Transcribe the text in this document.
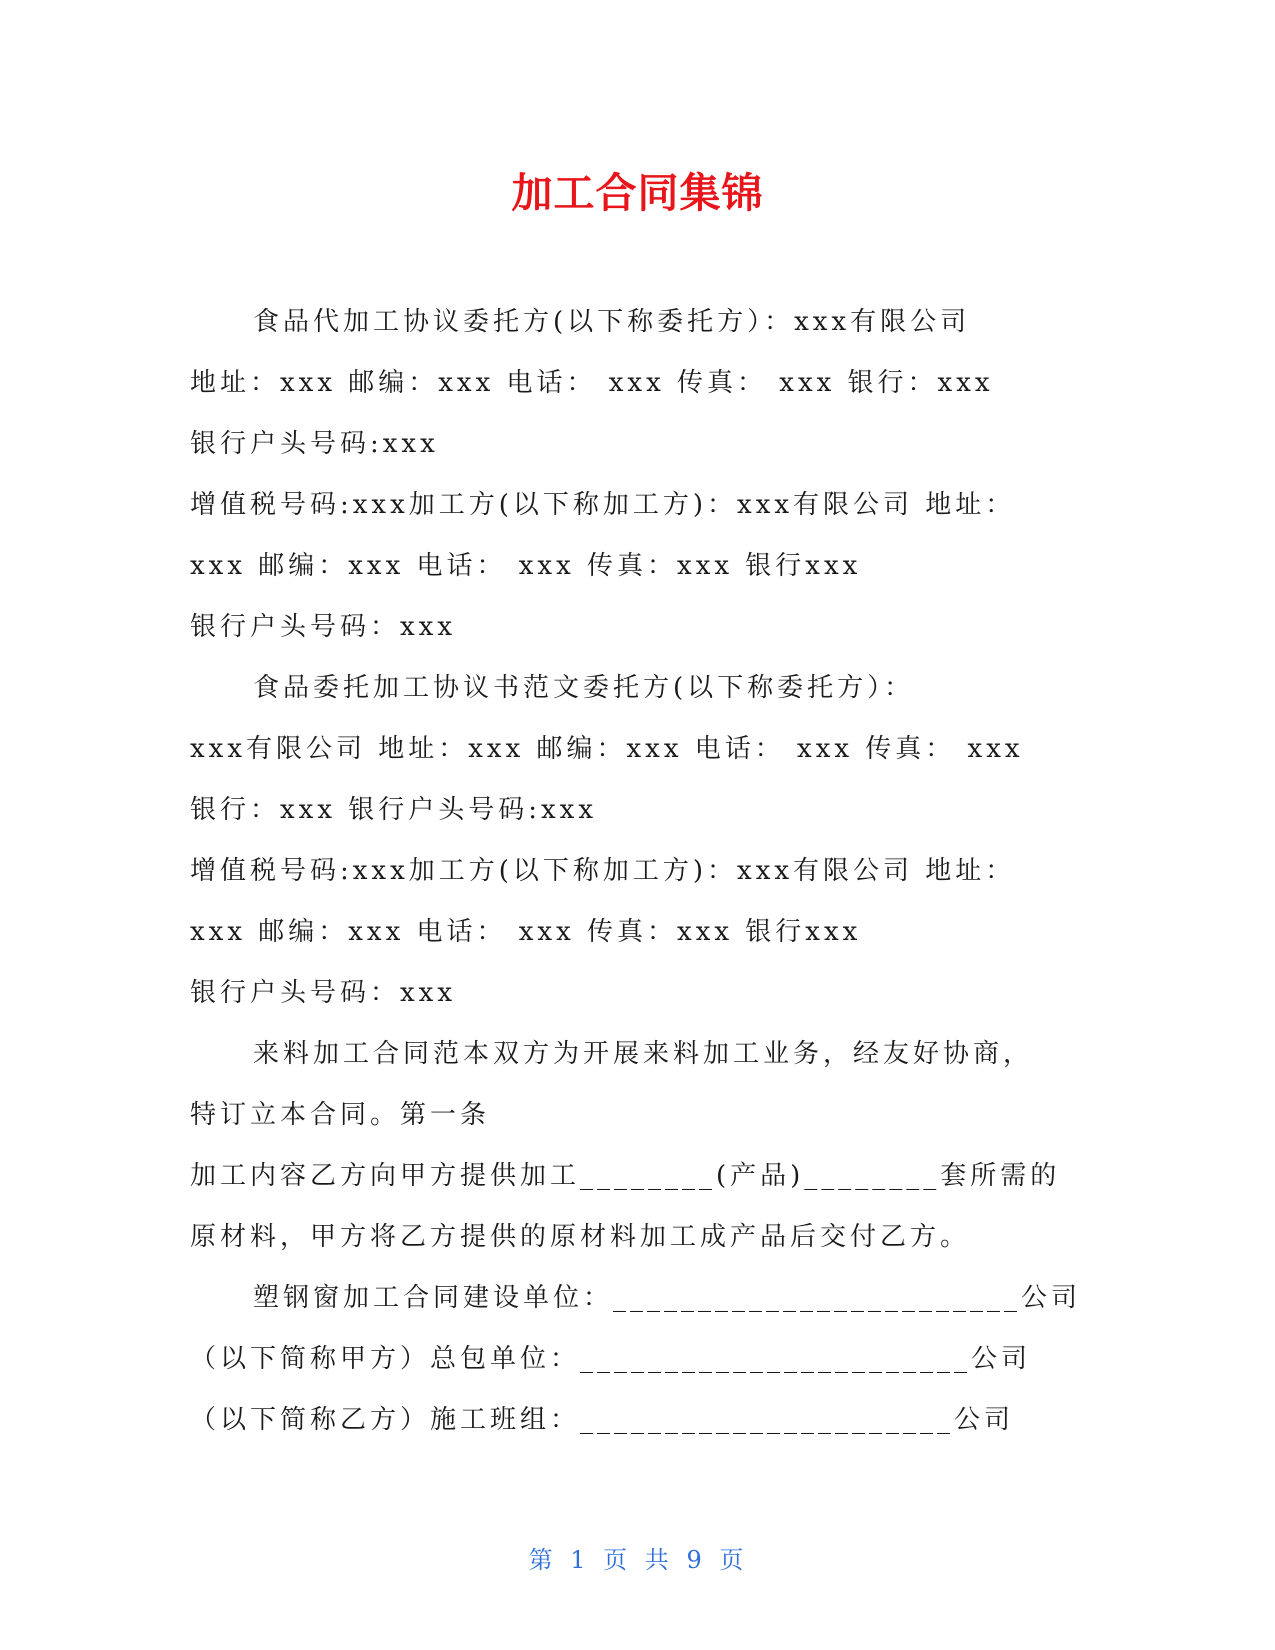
加工合同集锦

食品代加工协议委托方(以下称委托方）：xxx有限公司

地址：xxx 邮编：xxx 电话： xxx 传真： xxx 银行：xxx

银行户头号码:xxx

增值税号码:xxx加工方(以下称加工方)：xxx有限公司 地址：

xxx 邮编：xxx 电话： xxx 传真：xxx 银行xxx

银行户头号码：xxx

食品委托加工协议书范文委托方(以下称委托方）：

xxx有限公司 地址：xxx 邮编：xxx 电话： xxx 传真： xxx

银行：xxx 银行户头号码:xxx

增值税号码:xxx加工方(以下称加工方)：xxx有限公司 地址：

xxx 邮编：xxx 电话： xxx 传真：xxx 银行xxx

银行户头号码：xxx

来料加工合同范本双方为开展来料加工业务，经友好协商，

特订立本合同。第一条

加工内容乙方向甲方提供加工________(产品)________套所需的

原材料，甲方将乙方提供的原材料加工成产品后交付乙方。

塑钢窗加工合同建设单位：________________________公司

（以下简称甲方）总包单位：_______________________公司

（以下简称乙方）施工班组：______________________公司

第 1 页 共 9 页
